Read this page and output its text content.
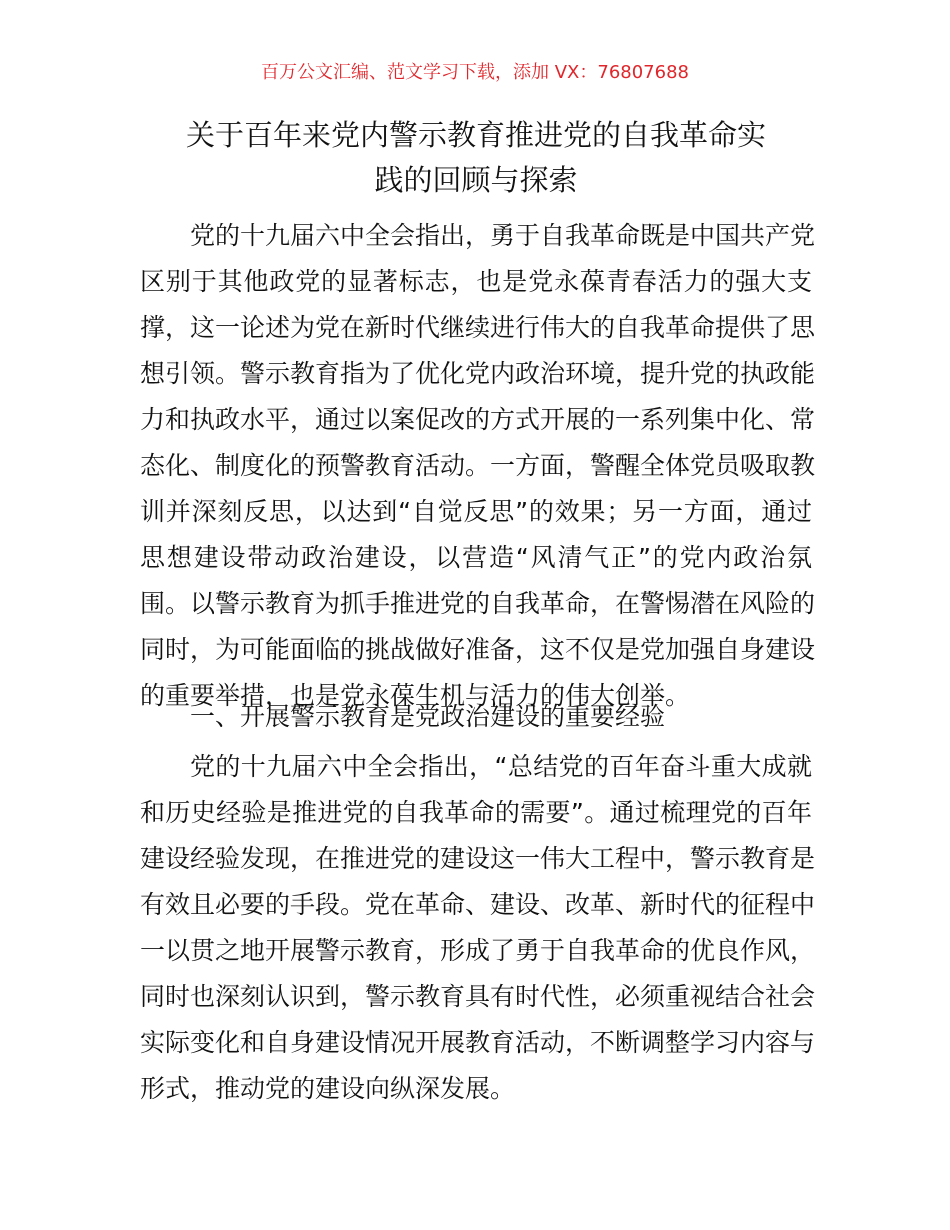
百万公文汇编、范文学习下载，添加 VX：76807688
关于百年来党内警示教育推进党的自我革命实
践的回顾与探索
党的十九届六中全会指出，勇于自我革命既是中国共产党
区别于其他政党的显著标志，也是党永葆青春活力的强大支
撑，这一论述为党在新时代继续进行伟大的自我革命提供了思
想引领。警示教育指为了优化党内政治环境，提升党的执政能
力和执政水平，通过以案促改的方式开展的一系列集中化、常
态化、制度化的预警教育活动。一方面，警醒全体党员吸取教
训并深刻反思，以达到“自觉反思”的效果；另一方面，通过
思想建设带动政治建设，以营造“风清气正”的党内政治氛
围。以警示教育为抓手推进党的自我革命，在警惕潜在风险的
同时，为可能面临的挑战做好准备，这不仅是党加强自身建设
的重要举措，也是党永葆生机与活力的伟大创举。
一、开展警示教育是党政治建设的重要经验
党的十九届六中全会指出，“总结党的百年奋斗重大成就
和历史经验是推进党的自我革命的需要”。通过梳理党的百年
建设经验发现，在推进党的建设这一伟大工程中，警示教育是
有效且必要的手段。党在革命、建设、改革、新时代的征程中
一以贯之地开展警示教育，形成了勇于自我革命的优良作风，
同时也深刻认识到，警示教育具有时代性，必须重视结合社会
实际变化和自身建设情况开展教育活动，不断调整学习内容与
形式，推动党的建设向纵深发展。
